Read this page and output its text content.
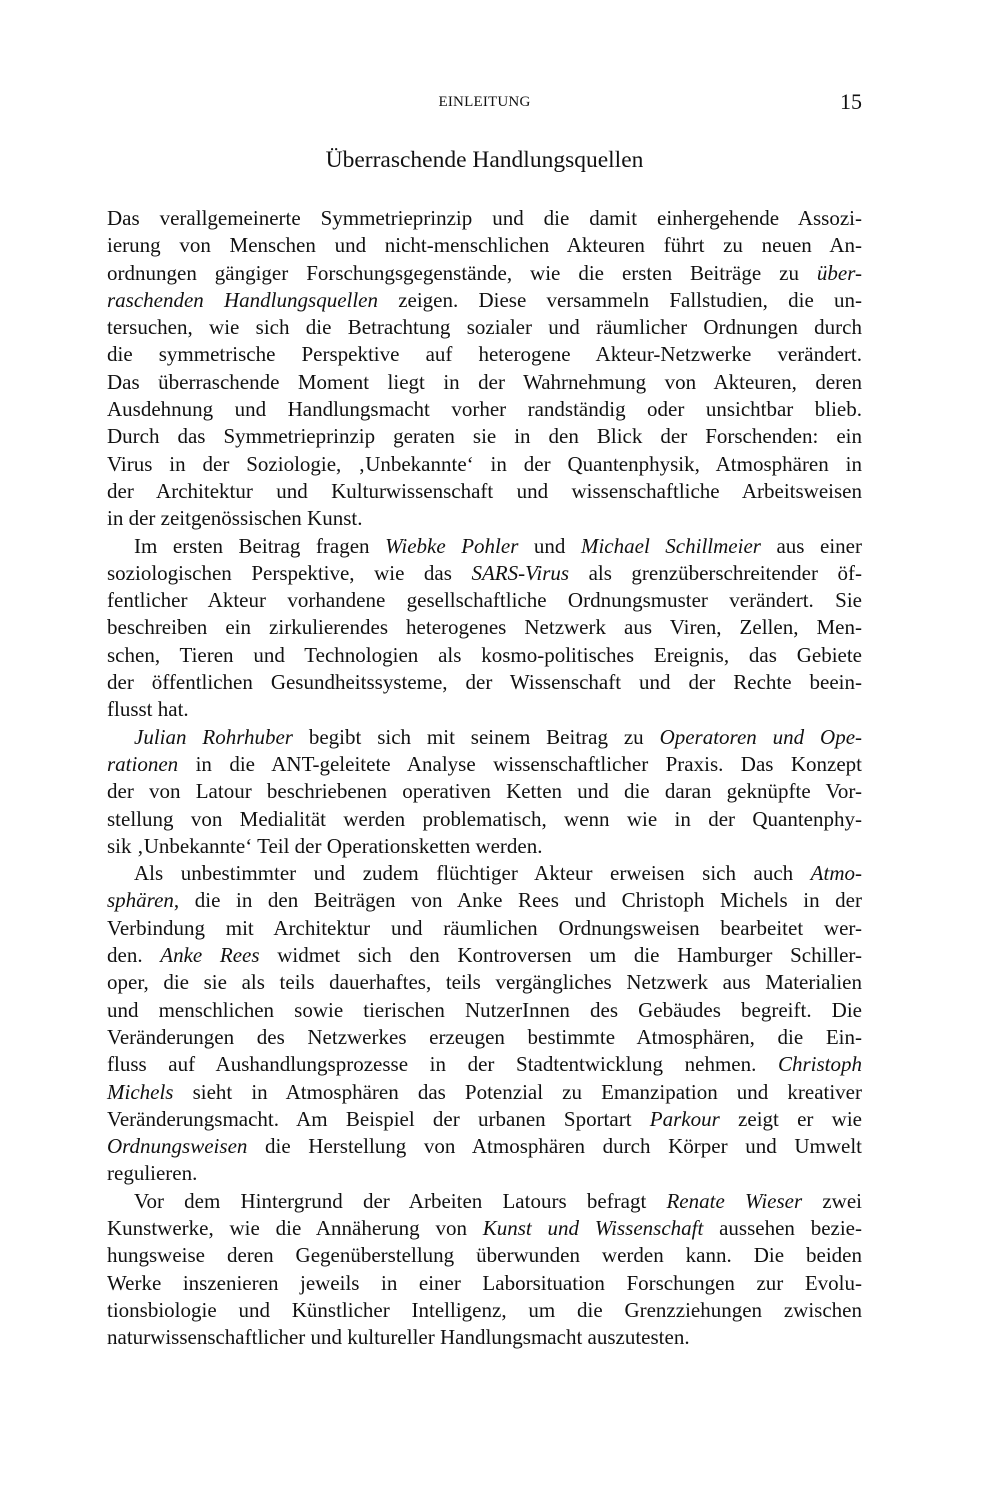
EINLEITUNG	15
Überraschende Handlungsquellen
Das verallgemeinerte Symmetrieprinzip und die damit einhergehende Assozi-
ierung von Menschen und nicht-menschlichen Akteuren führt zu neuen An-
ordnungen gängiger Forschungsgegenstände, wie die ersten Beiträge zu über-
raschenden Handlungsquellen zeigen. Diese versammeln Fallstudien, die un-
tersuchen, wie sich die Betrachtung sozialer und räumlicher Ordnungen durch
die symmetrische Perspektive auf heterogene Akteur-Netzwerke verändert.
Das überraschende Moment liegt in der Wahrnehmung von Akteuren, deren
Ausdehnung und Handlungsmacht vorher randständig oder unsichtbar blieb.
Durch das Symmetrieprinzip geraten sie in den Blick der Forschenden: ein
Virus in der Soziologie, ‚Unbekannte‘ in der Quantenphysik, Atmosphären in
der Architektur und Kulturwissenschaft und wissenschaftliche Arbeitsweisen
in der zeitgenössischen Kunst.
Im ersten Beitrag fragen Wiebke Pohler und Michael Schillmeier aus einer
soziologischen Perspektive, wie das SARS-Virus als grenzüberschreitender öf-
fentlicher Akteur vorhandene gesellschaftliche Ordnungsmuster verändert. Sie
beschreiben ein zirkulierendes heterogenes Netzwerk aus Viren, Zellen, Men-
schen, Tieren und Technologien als kosmo-politisches Ereignis, das Gebiete
der öffentlichen Gesundheitssysteme, der Wissenschaft und der Rechte beein-
flusst hat.
Julian Rohrhuber begibt sich mit seinem Beitrag zu Operatoren und Ope-
rationen in die ANT-geleitete Analyse wissenschaftlicher Praxis. Das Konzept
der von Latour beschriebenen operativen Ketten und die daran geknüpfte Vor-
stellung von Medialität werden problematisch, wenn wie in der Quantenphy-
sik ‚Unbekannte‘ Teil der Operationsketten werden.
Als unbestimmter und zudem flüchtiger Akteur erweisen sich auch Atmo-
sphären, die in den Beiträgen von Anke Rees und Christoph Michels in der
Verbindung mit Architektur und räumlichen Ordnungsweisen bearbeitet wer-
den. Anke Rees widmet sich den Kontroversen um die Hamburger Schiller-
oper, die sie als teils dauerhaftes, teils vergängliches Netzwerk aus Materialien
und menschlichen sowie tierischen NutzerInnen des Gebäudes begreift. Die
Veränderungen des Netzwerkes erzeugen bestimmte Atmosphären, die Ein-
fluss auf Aushandlungsprozesse in der Stadtentwicklung nehmen. Christoph
Michels sieht in Atmosphären das Potenzial zu Emanzipation und kreativer
Veränderungsmacht. Am Beispiel der urbanen Sportart Parkour zeigt er wie
Ordnungsweisen die Herstellung von Atmosphären durch Körper und Umwelt
regulieren.
Vor dem Hintergrund der Arbeiten Latours befragt Renate Wieser zwei
Kunstwerke, wie die Annäherung von Kunst und Wissenschaft aussehen bezie-
hungsweise deren Gegenüberstellung überwunden werden kann. Die beiden
Werke inszenieren jeweils in einer Laborsituation Forschungen zur Evolu-
tionsbiologie und Künstlicher Intelligenz, um die Grenzziehungen zwischen
naturwissenschaftlicher und kultureller Handlungsmacht auszutesten.
